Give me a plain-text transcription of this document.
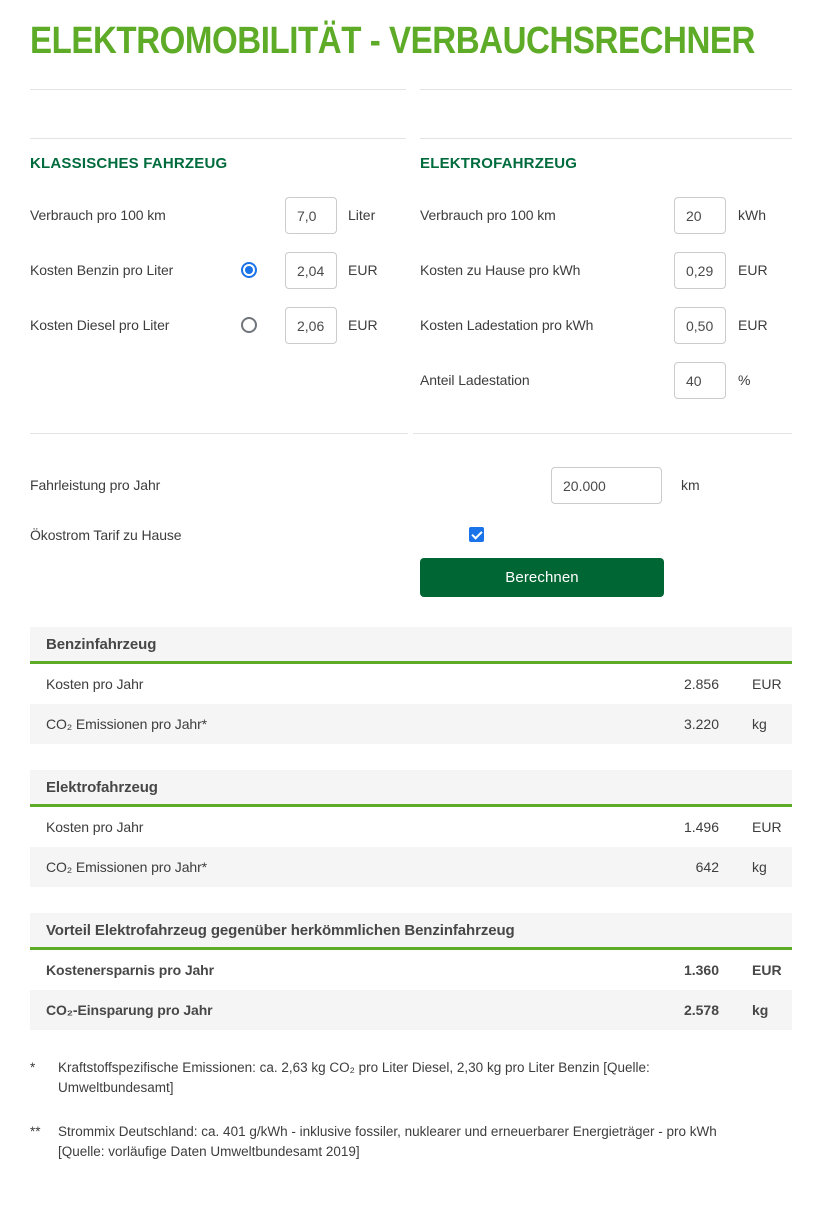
ELEKTROMOBILITÄT - VERBAUCHSRECHNER
KLASSISCHES FAHRZEUG
Verbrauch pro 100 km
7,0	Liter
Kosten Benzin pro Liter
2,04	EUR
Kosten Diesel pro Liter
2,06	EUR
ELEKTROFAHRZEUG
Verbrauch pro 100 km
20	kWh
Kosten zu Hause pro kWh
0,29	EUR
Kosten Ladestation pro kWh
0,50	EUR
Anteil Ladestation
40	%
Fahrleistung pro Jahr
20.000	km
Ökostrom Tarif zu Hause
Berechnen
Benzinfahrzeug
Kosten pro Jahr	2.856 EUR
CO₂ Emissionen pro Jahr*	3.220 kg
Elektrofahrzeug
Kosten pro Jahr	1.496 EUR
CO₂ Emissionen pro Jahr*	642 kg
Vorteil Elektrofahrzeug gegenüber herkömmlichen Benzinfahrzeug
Kostenersparnis pro Jahr	1.360 EUR
CO₂-Einsparung pro Jahr	2.578 kg
*	Kraftstoffspezifische Emissionen: ca. 2,63 kg CO₂ pro Liter Diesel, 2,30 kg pro Liter Benzin [Quelle: Umweltbundesamt]
**	Strommix Deutschland: ca. 401 g/kWh - inklusive fossiler, nuklearer und erneuerbarer Energieträger - pro kWh [Quelle: vorläufige Daten Umweltbundesamt 2019]
